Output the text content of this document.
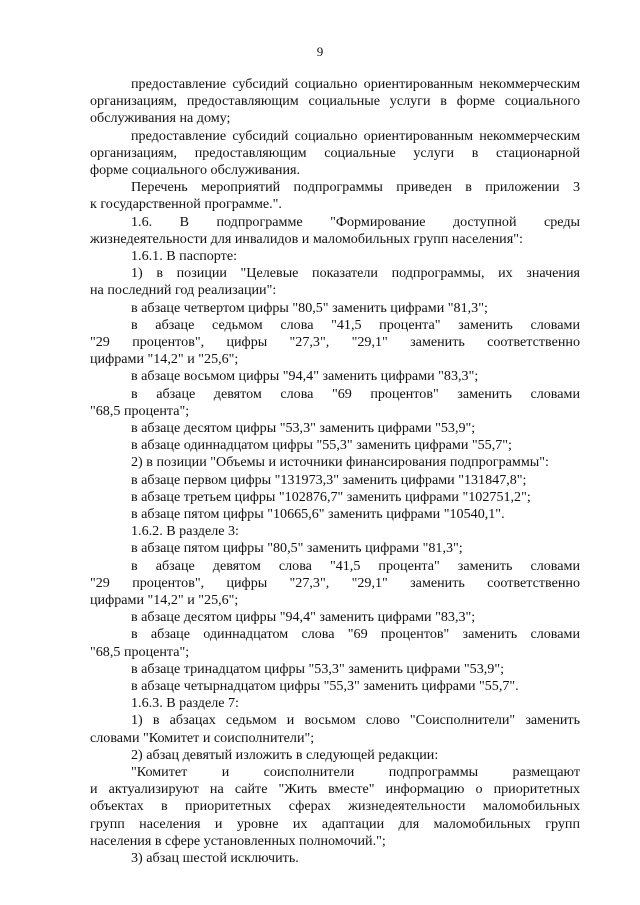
9
предоставление субсидий социально ориентированным некоммерческим
организациям, предоставляющим социальные услуги в форме социального
обслуживания на дому;
предоставление субсидий социально ориентированным некоммерческим
организациям, предоставляющим социальные услуги в стационарной
форме социального обслуживания.
Перечень мероприятий подпрограммы приведен в приложении 3
к государственной программе.".
1.6. В подпрограмме "Формирование доступной среды
жизнедеятельности для инвалидов и маломобильных групп населения":
1.6.1. В паспорте:
1) в позиции "Целевые показатели подпрограммы, их значения
на последний год реализации":
в абзаце четвертом цифры "80,5" заменить цифрами "81,3";
в абзаце седьмом слова "41,5 процента" заменить словами
"29 процентов", цифры "27,3", "29,1" заменить соответственно
цифрами "14,2" и "25,6";
в абзаце восьмом цифры "94,4" заменить цифрами "83,3";
в абзаце девятом слова "69 процентов" заменить словами
"68,5 процента";
в абзаце десятом цифры "53,3" заменить цифрами "53,9";
в абзаце одиннадцатом цифры "55,3" заменить цифрами "55,7";
2) в позиции "Объемы и источники финансирования подпрограммы":
в абзаце первом цифры "131973,3" заменить цифрами "131847,8";
в абзаце третьем цифры "102876,7" заменить цифрами "102751,2";
в абзаце пятом цифры "10665,6" заменить цифрами "10540,1".
1.6.2. В разделе 3:
в абзаце пятом цифры "80,5" заменить цифрами "81,3";
в абзаце девятом слова "41,5 процента" заменить словами
"29 процентов", цифры "27,3", "29,1" заменить соответственно
цифрами "14,2" и "25,6";
в абзаце десятом цифры "94,4" заменить цифрами "83,3";
в абзаце одиннадцатом слова "69 процентов" заменить словами
"68,5 процента";
в абзаце тринадцатом цифры "53,3" заменить цифрами "53,9";
в абзаце четырнадцатом цифры "55,3" заменить цифрами "55,7".
1.6.3. В разделе 7:
1) в абзацах седьмом и восьмом слово "Соисполнители" заменить
словами "Комитет и соисполнители";
2) абзац девятый изложить в следующей редакции:
"Комитет и соисполнители подпрограммы размещают
и актуализируют на сайте "Жить вместе" информацию о приоритетных
объектах в приоритетных сферах жизнедеятельности маломобильных
групп населения и уровне их адаптации для маломобильных групп
населения в сфере установленных полномочий.";
3) абзац шестой исключить.
